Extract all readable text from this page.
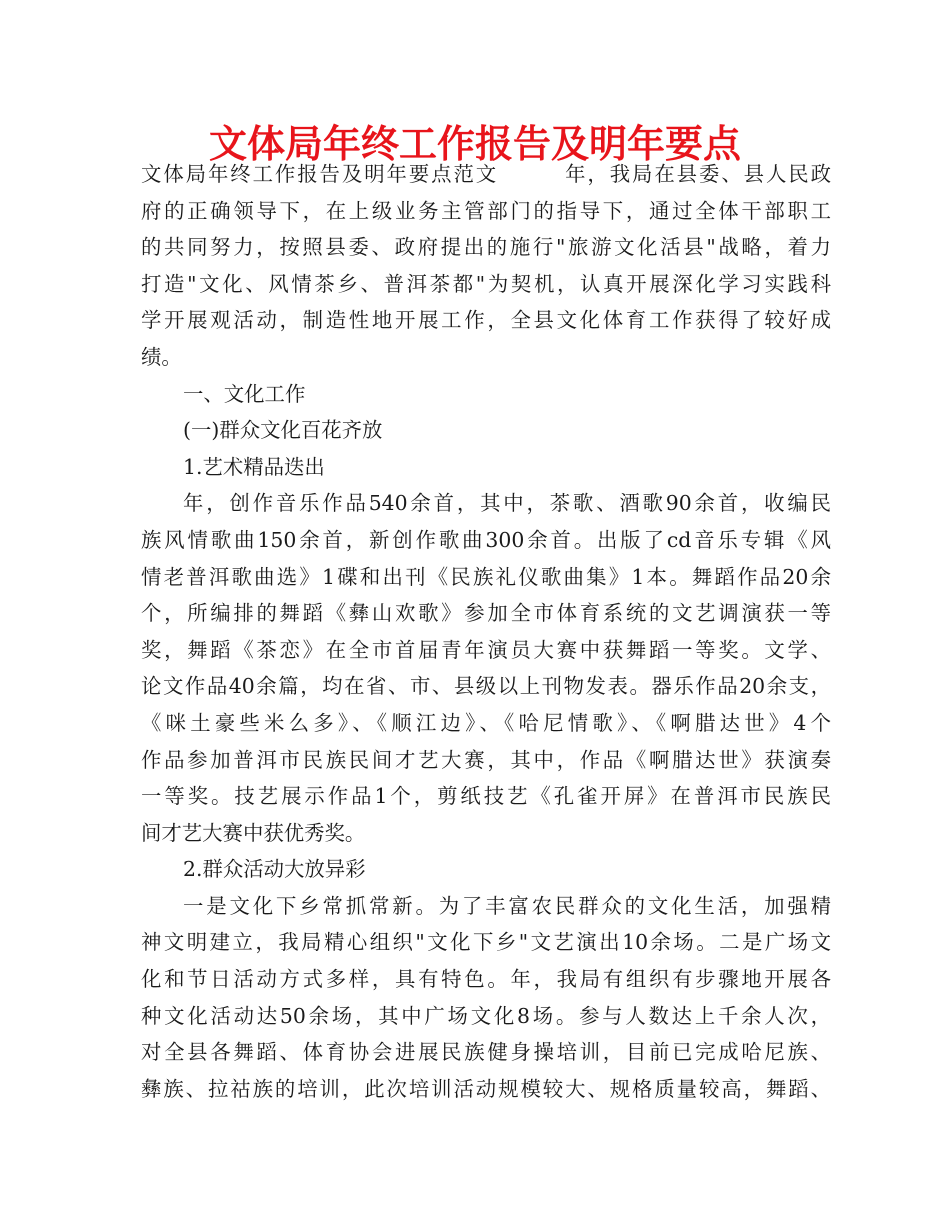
文体局年终工作报告及明年要点
文体局年终工作报告及明年要点范文　　　年，我局在县委、县人民政
府的正确领导下，在上级业务主管部门的指导下，通过全体干部职工
的共同努力，按照县委、政府提出的施行"旅游文化活县"战略，着力
打造"文化、风情茶乡、普洱茶都"为契机，认真开展深化学习实践科
学开展观活动，制造性地开展工作，全县文化体育工作获得了较好成
绩。
一、文化工作
(一)群众文化百花齐放
1.艺术精品迭出
年，创作音乐作品540余首，其中，茶歌、酒歌90余首，收编民
族风情歌曲150余首，新创作歌曲300余首。出版了cd音乐专辑《风
情老普洱歌曲选》1碟和出刊《民族礼仪歌曲集》1本。舞蹈作品20余
个，所编排的舞蹈《彝山欢歌》参加全市体育系统的文艺调演获一等
奖，舞蹈《茶恋》在全市首届青年演员大赛中获舞蹈一等奖。文学、
论文作品40余篇，均在省、市、县级以上刊物发表。器乐作品20余支，
《咪土豪些米么多》、《顺江边》、《哈尼情歌》、《啊腊达世》4个
作品参加普洱市民族民间才艺大赛，其中，作品《啊腊达世》获演奏
一等奖。技艺展示作品1个，剪纸技艺《孔雀开屏》在普洱市民族民
间才艺大赛中获优秀奖。
2.群众活动大放异彩
一是文化下乡常抓常新。为了丰富农民群众的文化生活，加强精
神文明建立，我局精心组织"文化下乡"文艺演出10余场。二是广场文
化和节日活动方式多样，具有特色。年，我局有组织有步骤地开展各
种文化活动达50余场，其中广场文化8场。参与人数达上千余人次，
对全县各舞蹈、体育协会进展民族健身操培训，目前已完成哈尼族、
彝族、拉祜族的培训，此次培训活动规模较大、规格质量较高，舞蹈、
